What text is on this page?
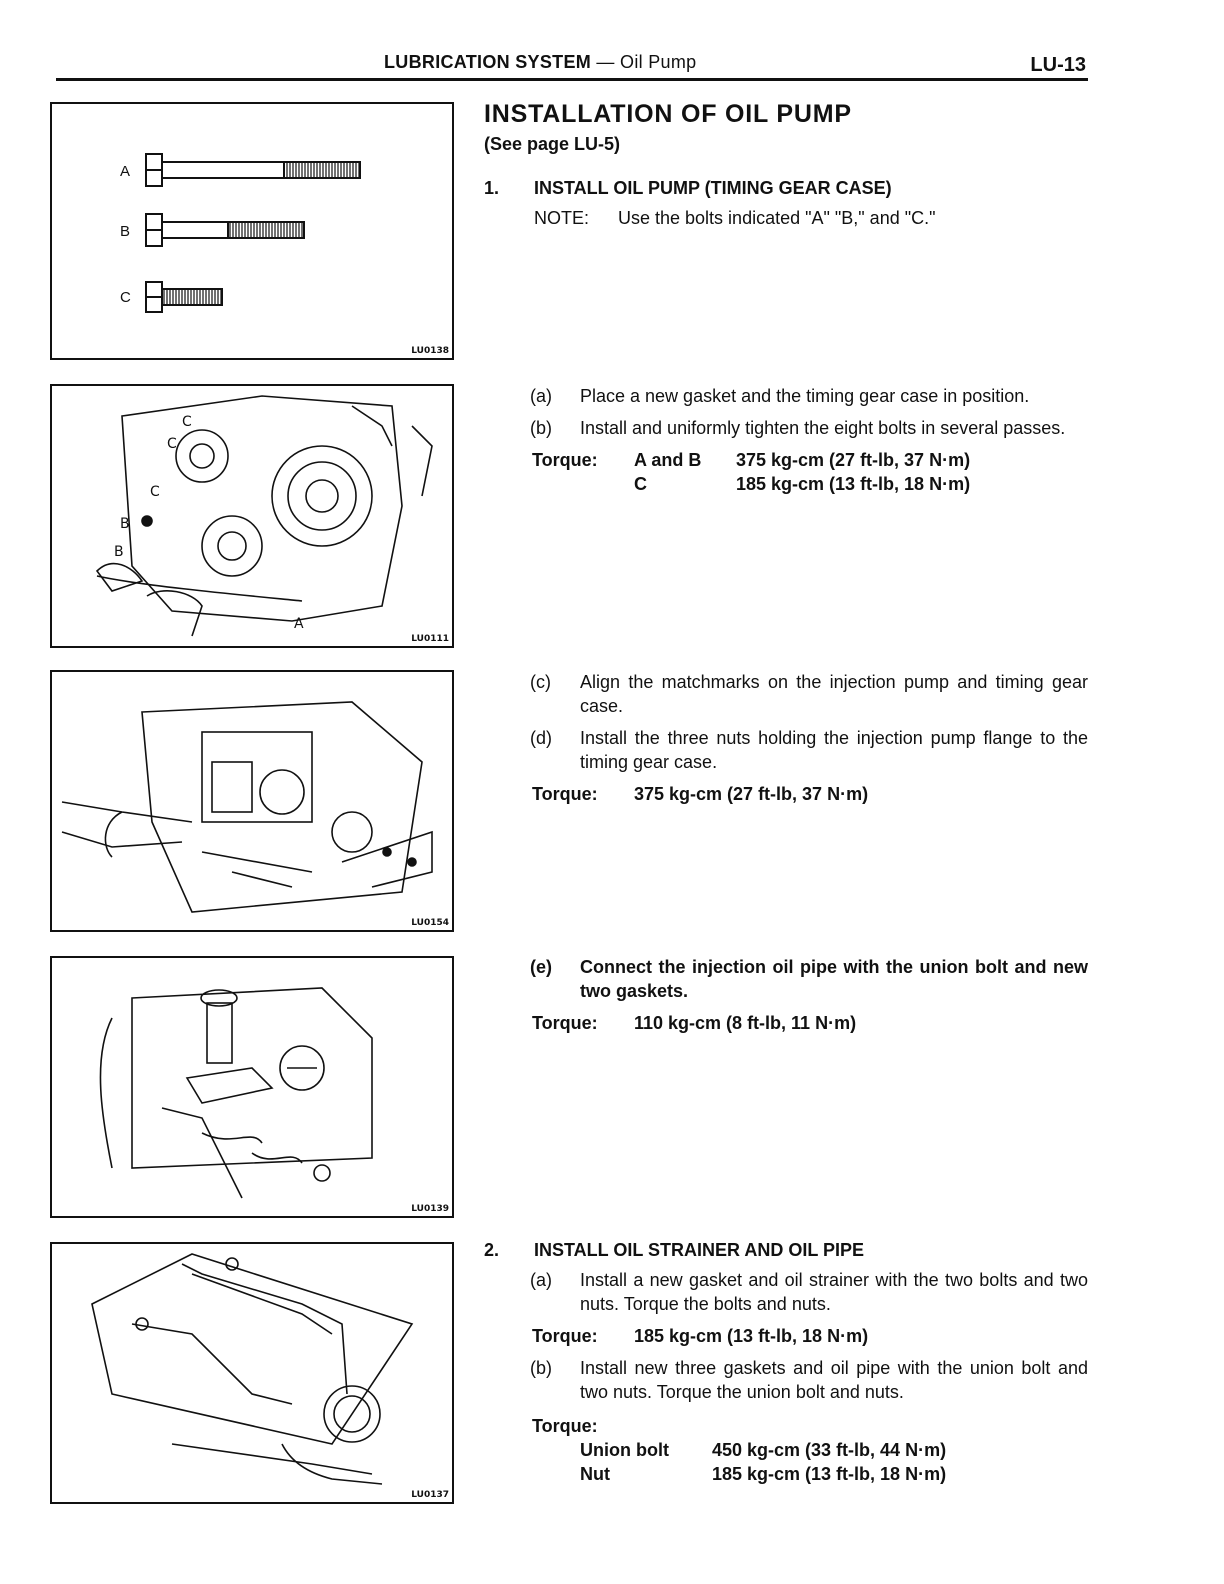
LUBRICATION SYSTEM — Oil Pump	LU-13
A
B
C
LU0138
C
C
C
B
B
A
LU0111
LU0154
LU0139
LU0137
INSTALLATION OF OIL PUMP
(See page LU-5)
1.	INSTALL OIL PUMP (TIMING GEAR CASE)
NOTE:	Use the bolts indicated "A" "B," and "C."
(a)	Place a new gasket and the timing gear case in position.
(b)	Install and uniformly tighten the eight bolts in several passes.
Torque:	A and B	375 kg-cm (27 ft-lb, 37 N·m)
C	185 kg-cm (13 ft-lb, 18 N·m)
(c)	Align the matchmarks on the injection pump and timing gear case.
(d)	Install the three nuts holding the injection pump flange to the timing gear case.
Torque:	375 kg-cm (27 ft-lb, 37 N·m)
(e)	Connect the injection oil pipe with the union bolt and new two gaskets.
Torque:	110 kg-cm (8 ft-lb, 11 N·m)
2.	INSTALL OIL STRAINER AND OIL PIPE
(a)	Install a new gasket and oil strainer with the two bolts and two nuts. Torque the bolts and nuts.
Torque:	185 kg-cm (13 ft-lb, 18 N·m)
(b)	Install new three gaskets and oil pipe with the union bolt and two nuts. Torque the union bolt and nuts.
Torque:
Union bolt	450 kg-cm (33 ft-lb, 44 N·m)
Nut	185 kg-cm (13 ft-lb, 18 N·m)
